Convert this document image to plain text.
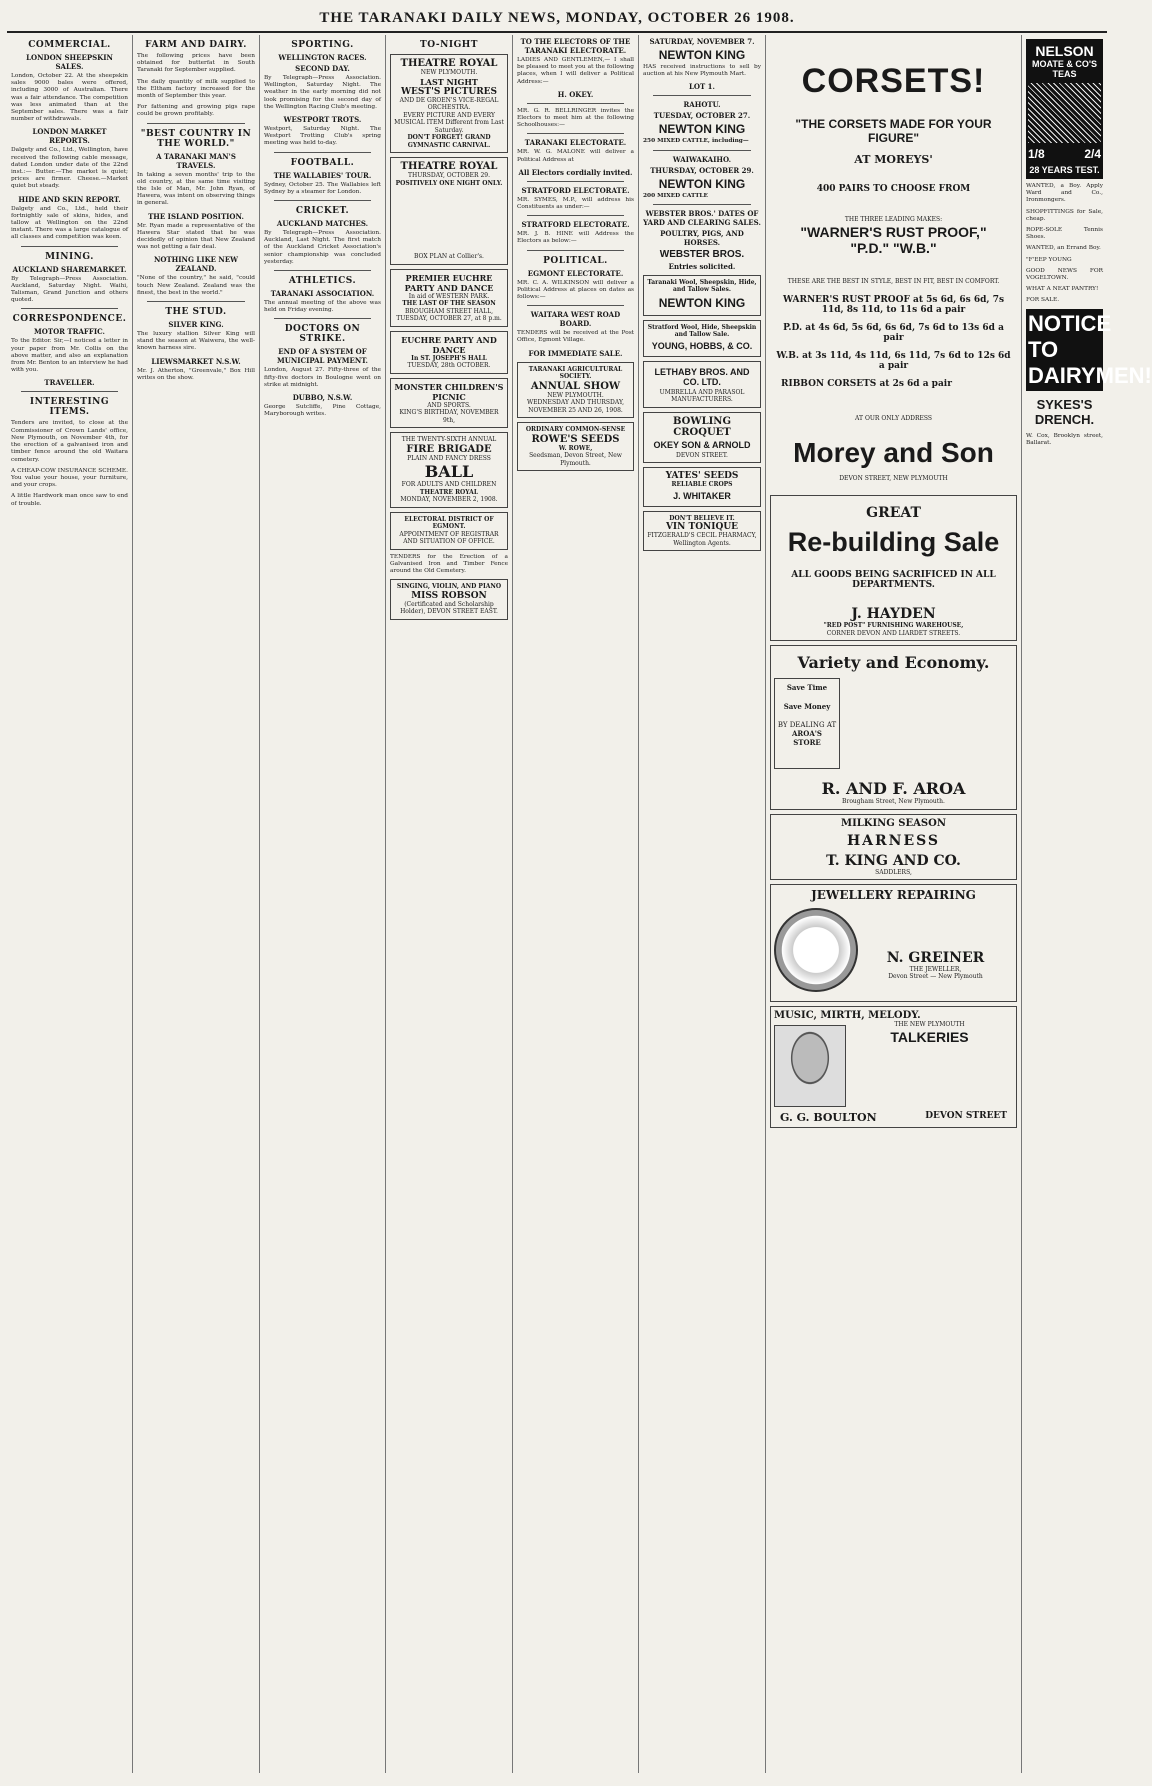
THE TARANAKI DAILY NEWS, MONDAY, OCTOBER 26 1908.
COMMERCIAL.
LONDON SHEEPSKIN SALES.
London, October 22. At the sheepskin sales 9000 bales were offered, including 3000 of Australian. There was a fair attendance. The competition was less animated than at the September sales. There was a fair number of withdrawals.
LONDON MARKET REPORTS.
Dalgety and Co., Ltd., Wellington, have received the following cable message, dated London under date of the 22nd inst.:— Butter.—The market is quiet; prices are firmer. Cheese.—Market quiet but steady.
HIDE AND SKIN REPORT.
Dalgety and Co., Ltd., held their fortnightly sale of skins, hides, and tallow at Wellington on the 22nd instant. There was a large catalogue of all classes and competition was keen.
MINING.
AUCKLAND SHAREMARKET.
By Telegraph—Press Association. Auckland, Saturday Night. Waihi, Talisman, Grand Junction and others quoted.
CORRESPONDENCE.
MOTOR TRAFFIC.
To the Editor. Sir,—I noticed a letter in your paper from Mr. Collis on the above matter, and also an explanation from Mr. Benton to an interview he had with you.
TRAVELLER.
INTERESTING ITEMS.
Tenders are invited, to close at the Commissioner of Crown Lands' office, New Plymouth, on November 4th, for the erection of a galvanised iron and timber fence around the old Waitara cemetery.
A CHEAP-COW INSURANCE SCHEME. You value your house, your furniture, and your crops.
A little Hardwork man once saw to end of trouble.
FARM AND DAIRY.
The following prices have been obtained for butterfat in South Taranaki for September supplied.
The daily quantity of milk supplied to the Eltham factory increased for the month of September this year.
For fattening and growing pigs rape could be grown profitably.
"BEST COUNTRY IN THE WORLD."
A TARANAKI MAN'S TRAVELS.
In taking a seven months' trip to the old country, at the same time visiting the Isle of Man, Mr. John Ryan, of Hawera, was intent on observing things in general.
THE ISLAND POSITION.
Mr. Ryan made a representative of the Hawera Star stated that he was decidedly of opinion that New Zealand was not getting a fair deal.
NOTHING LIKE NEW ZEALAND.
"None of the country," he said, "could touch New Zealand. Zealand was the finest, the best in the world."
THE STUD.
SILVER KING.
The luxury stallion Silver King will stand the season at Waiwera, the well-known harness sire.
LIEWSMARKET N.S.W.
Mr. J. Atherton, "Greenvale," Box Hill writes on the show.
SPORTING.
WELLINGTON RACES.
SECOND DAY.
By Telegraph—Press Association. Wellington, Saturday Night. The weather in the early morning did not look promising for the second day of the Wellington Racing Club's meeting.
WESTPORT TROTS.
Westport, Saturday Night. The Westport Trotting Club's spring meeting was held to-day.
FOOTBALL.
THE WALLABIES' TOUR.
Sydney, October 25. The Wallabies left Sydney by a steamer for London.
CRICKET.
AUCKLAND MATCHES.
By Telegraph—Press Association. Auckland, Last Night. The first match of the Auckland Cricket Association's senior championship was concluded yesterday.
ATHLETICS.
TARANAKI ASSOCIATION.
The annual meeting of the above was held on Friday evening.
DOCTORS ON STRIKE.
END OF A SYSTEM OF MUNICIPAL PAYMENT.
London, August 27. Fifty-three of the fifty-five doctors in Boulogne went on strike at midnight.
DUBBO, N.S.W.
George Sutcliffe, Pine Cottage, Maryborough writes.
TO-NIGHT
THEATRE ROYAL
NEW PLYMOUTH.
LAST NIGHT
WEST'S PICTURES
AND DE GROEN'S VICE-REGAL ORCHESTRA.
EVERY PICTURE AND EVERY MUSICAL ITEM Different from Last Saturday.
DON'T FORGET! GRAND GYMNASTIC CARNIVAL.
THEATRE ROYAL
THURSDAY, OCTOBER 29.
POSITIVELY ONE NIGHT ONLY.
BOX PLAN at Collier's.
PREMIER EUCHRE PARTY AND DANCE
In aid of WESTERN PARK.
THE LAST OF THE SEASON
BROUGHAM STREET HALL,
TUESDAY, OCTOBER 27, at 8 p.m.
EUCHRE PARTY AND DANCE
In ST. JOSEPH'S HALL
TUESDAY, 28th OCTOBER.
MONSTER CHILDREN'S PICNIC
AND SPORTS.
KING'S BIRTHDAY, NOVEMBER 9th,
THE TWENTY-SIXTH ANNUAL
FIRE BRIGADE
PLAIN AND FANCY DRESS
BALL
FOR ADULTS AND CHILDREN
THEATRE ROYAL
MONDAY, NOVEMBER 2, 1908.
ELECTORAL DISTRICT OF EGMONT.
APPOINTMENT OF REGISTRAR AND SITUATION OF OFFICE.
TENDERS for the Erection of a Galvanised Iron and Timber Fence around the Old Cemetery.
SINGING, VIOLIN, AND PIANO
MISS ROBSON
(Certificated and Scholarship Holder), DEVON STREET EAST.
TO THE ELECTORS OF THE TARANAKI ELECTORATE.
LADIES AND GENTLEMEN,— I shall be pleased to meet you at the following places, when I will deliver a Political Address:—
H. OKEY.
MR. G. R. BELLRINGER invites the Electors to meet him at the following Schoolhouses:—
TARANAKI ELECTORATE.
MR. W. G. MALONE will deliver a Political Address at
All Electors cordially invited.
STRATFORD ELECTORATE.
MR. SYMES, M.P., will address his Constituents as under:—
STRATFORD ELECTORATE.
MR. J. B. HINE will Address the Electors as below:—
POLITICAL.
EGMONT ELECTORATE.
MR. C. A. WILKINSON will deliver a Political Address at places on dates as follows:—
WAITARA WEST ROAD BOARD.
TENDERS will be received at the Post Office, Egmont Village.
FOR IMMEDIATE SALE.
TARANAKI AGRICULTURAL SOCIETY.
ANNUAL SHOW
NEW PLYMOUTH.
WEDNESDAY AND THURSDAY, NOVEMBER 25 AND 26, 1908.
ORDINARY COMMON-SENSE
ROWE'S SEEDS
W. ROWE,
Seedsman, Devon Street, New Plymouth.
SATURDAY, NOVEMBER 7.
NEWTON KING
HAS received instructions to sell by auction at his New Plymouth Mart.
LOT 1.
RAHOTU.
TUESDAY, OCTOBER 27.
NEWTON KING
250 MIXED CATTLE, including—
WAIWAKAIHO.
THURSDAY, OCTOBER 29.
NEWTON KING
200 MIXED CATTLE
WEBSTER BROS.' DATES OF YARD AND CLEARING SALES.
POULTRY, PIGS, AND HORSES.
WEBSTER BROS.
Entries solicited.
Taranaki Wool, Sheepskin, Hide, and Tallow Sales.
NEWTON KING
Stratford Wool, Hide, Sheepskin and Tallow Sale.
YOUNG, HOBBS, & CO.
LETHABY BROS. AND CO. LTD.
UMBRELLA AND PARASOL MANUFACTURERS.
BOWLING
CROQUET
OKEY SON & ARNOLD
DEVON STREET.
YATES' SEEDS
RELIABLE CROPS
J. WHITAKER
DON'T BELIEVE IT.
VIN TONIQUE
FITZGERALD'S CECIL PHARMACY, Wellington Agents.
CORSETS!
"THE CORSETS MADE FOR YOUR FIGURE"
AT MOREYS'
400 PAIRS TO CHOOSE FROM
THE THREE LEADING MAKES:
"WARNER'S RUST PROOF,"
"P.D." "W.B."
THESE ARE THE BEST IN STYLE, BEST IN FIT, BEST IN COMFORT.
WARNER'S RUST PROOF at 5s 6d, 6s 6d, 7s 11d, 8s 11d, to 11s 6d a pair
P.D. at 4s 6d, 5s 6d, 6s 6d, 7s 6d to 13s 6d a pair
W.B. at 3s 11d, 4s 11d, 6s 11d, 7s 6d to 12s 6d a pair
RIBBON CORSETS at 2s 6d a pair
AT OUR ONLY ADDRESS
Morey and Son
DEVON STREET, NEW PLYMOUTH
GREAT
Re-building Sale
ALL GOODS BEING SACRIFICED IN ALL DEPARTMENTS.
J. HAYDEN
"RED POST" FURNISHING WAREHOUSE,
CORNER DEVON AND LIARDET STREETS.
Variety and Economy.
Save Time
Save Money
BY DEALING AT
AROA'S
STORE
R. AND F. AROA
Brougham Street, New Plymouth.
MILKING SEASON
HARNESS
T. KING AND CO.
SADDLERS,
JEWELLERY REPAIRING
N. GREINER
THE JEWELLER,
Devon Street — New Plymouth
MUSIC, MIRTH, MELODY.
THE NEW PLYMOUTH
TALKERIES
G. G. BOULTON	DEVON STREET
NELSON
MOATE & CO'S TEAS
1/8	2/4
28 YEARS TEST.
WANTED, a Boy. Apply Ward and Co., Ironmongers.
SHOPFITTINGS for Sale, cheap.
ROPE-SOLE Tennis Shoes.
WANTED, an Errand Boy.
"F'EEP YOUNG
GOOD NEWS FOR VOGELTOWN.
WHAT A NEAT PANTRY!
FOR SALE.
NOTICE TO DAIRYMEN!
SYKES'S DRENCH.
W. Cox, Brooklyn street, Ballarat.
